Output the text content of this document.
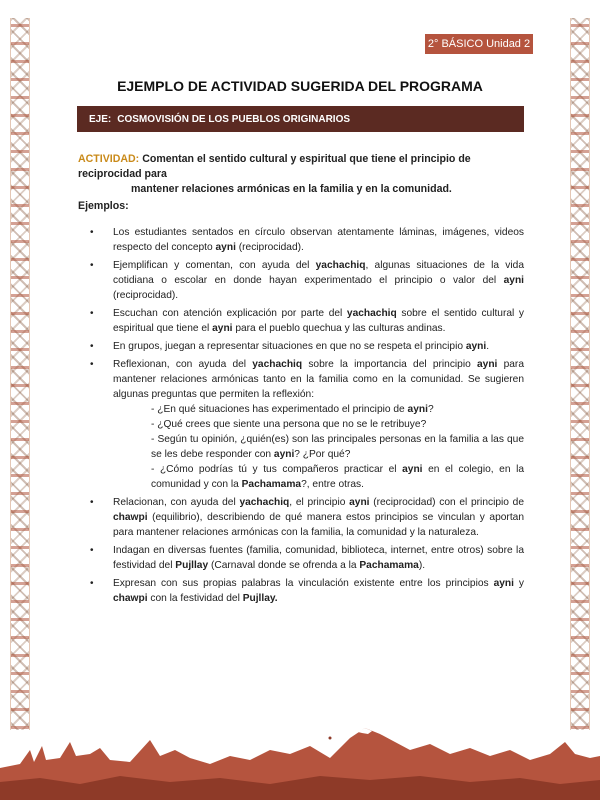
2° BÁSICO Unidad 2
EJEMPLO DE ACTIVIDAD SUGERIDA DEL PROGRAMA
EJE: COSMOVISIÓN DE LOS PUEBLOS ORIGINARIOS
ACTIVIDAD: Comentan el sentido cultural y espiritual que tiene el principio de reciprocidad para
mantener relaciones armónicas en la familia y en la comunidad.
Ejemplos:
• Los estudiantes sentados en círculo observan atentamente láminas, imágenes, videos respecto del concepto ayni (reciprocidad).
• Ejemplifican y comentan, con ayuda del yachachiq, algunas situaciones de la vida cotidiana o escolar en donde hayan experimentado el principio o valor del ayni (reciprocidad).
• Escuchan con atención explicación por parte del yachachiq sobre el sentido cultural y espiritual que tiene el ayni para el pueblo quechua y las culturas andinas.
• En grupos, juegan a representar situaciones en que no se respeta el principio ayni.
• Reflexionan, con ayuda del yachachiq sobre la importancia del principio ayni para mantener relaciones armónicas tanto en la familia como en la comunidad. Se sugieren algunas preguntas que permiten la reflexión:
- ¿En qué situaciones has experimentado el principio de ayni?
- ¿Qué crees que siente una persona que no se le retribuye?
- Según tu opinión, ¿quién(es) son las principales personas en la familia a las que se les debe responder con ayni? ¿Por qué?
- ¿Cómo podrías tú y tus compañeros practicar el ayni en el colegio, en la comunidad y con la Pachamama?, entre otras.
• Relacionan, con ayuda del yachachiq, el principio ayni (reciprocidad) con el principio de chawpi (equilibrio), describiendo de qué manera estos principios se vinculan y aportan para mantener relaciones armónicas con la familia, la comunidad y la naturaleza.
• Indagan en diversas fuentes (familia, comunidad, biblioteca, internet, entre otros) sobre la festividad del Pujllay (Carnaval donde se ofrenda a la Pachamama).
• Expresan con sus propias palabras la vinculación existente entre los principios ayni y chawpi con la festividad del Pujllay.
